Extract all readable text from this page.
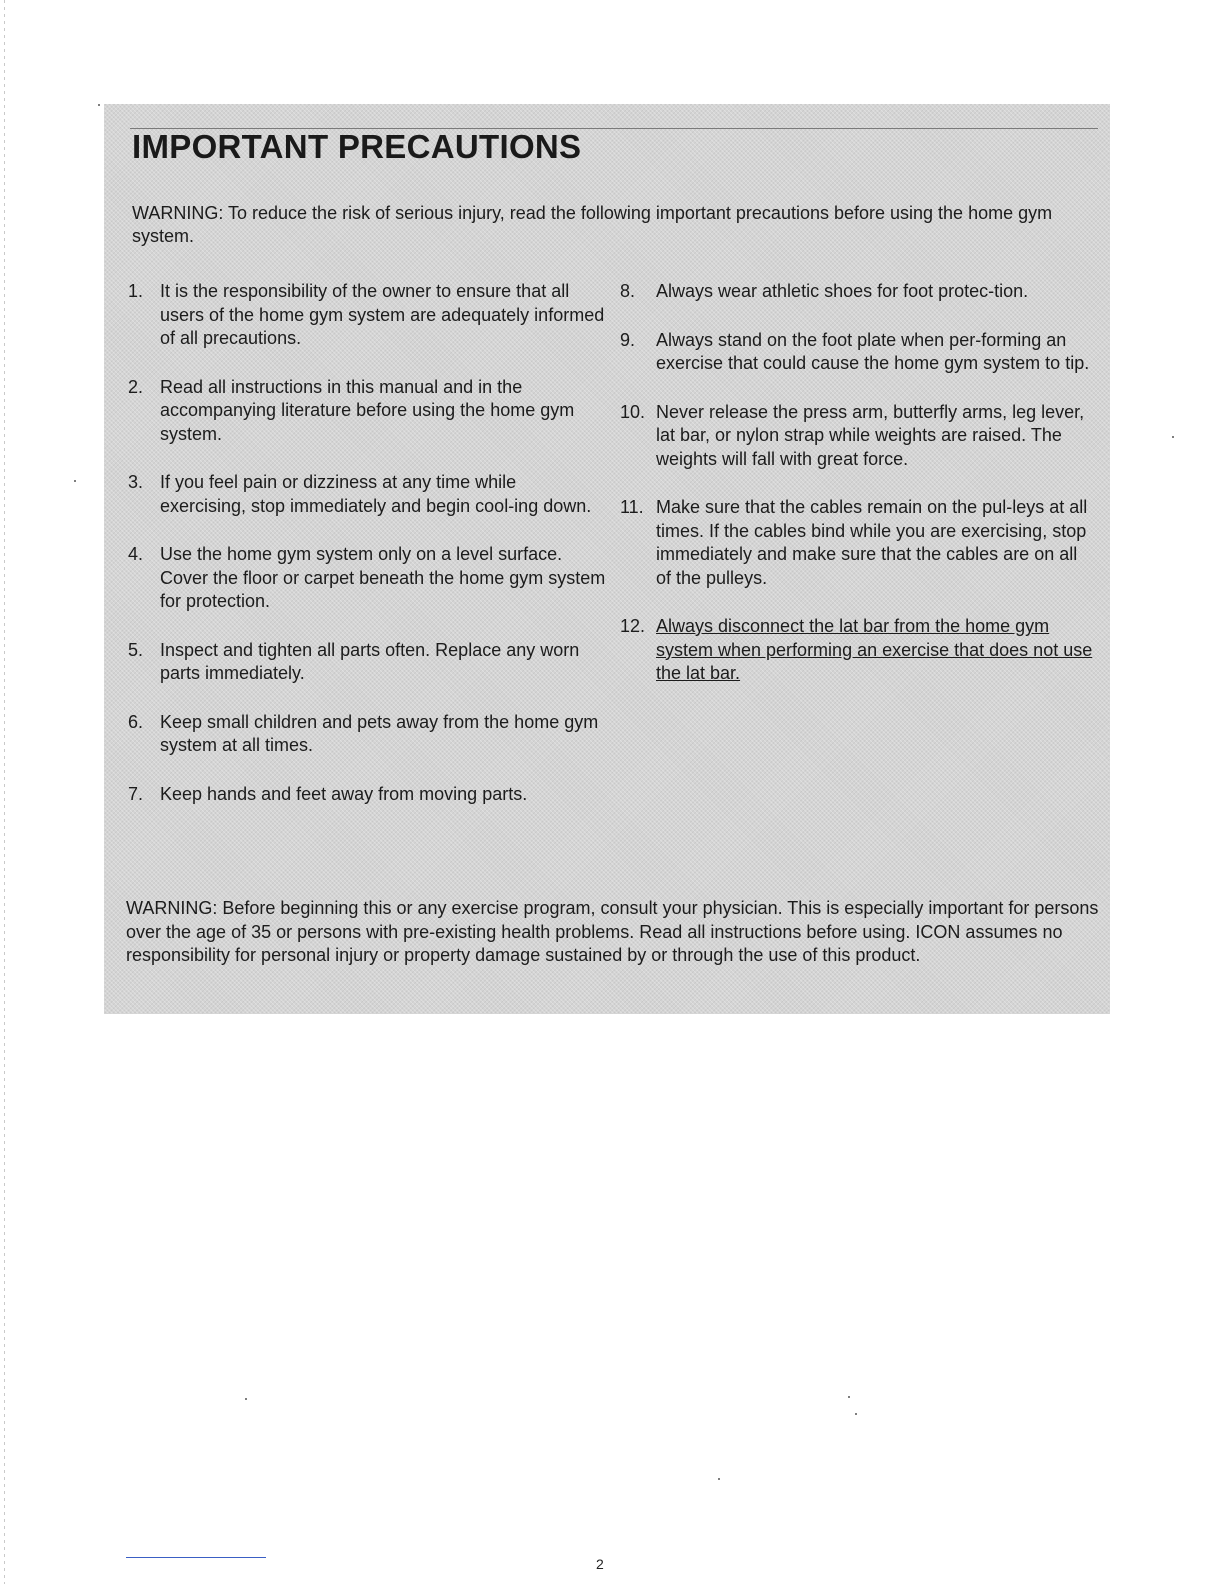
IMPORTANT PRECAUTIONS

WARNING: To reduce the risk of serious injury, read the following important precautions before using the home gym system.

1. It is the responsibility of the owner to ensure that all users of the home gym system are adequately informed of all precautions.
2. Read all instructions in this manual and in the accompanying literature before using the home gym system.
3. If you feel pain or dizziness at any time while exercising, stop immediately and begin cool-ing down.
4. Use the home gym system only on a level surface. Cover the floor or carpet beneath the home gym system for protection.
5. Inspect and tighten all parts often. Replace any worn parts immediately.
6. Keep small children and pets away from the home gym system at all times.
7. Keep hands and feet away from moving parts.
8.	Always wear athletic shoes for foot protec-tion.
9.	Always stand on the foot plate when per-forming an exercise that could cause the home gym system to tip.
10. Never release the press arm, butterfly arms, leg lever, lat bar, or nylon strap while weights are raised. The weights will fall with great force.
11. Make sure that the cables remain on the pul-leys at all times. If the cables bind while you are exercising, stop immediately and make sure that the cables are on all of the pulleys.
12. Always disconnect the lat bar from the home gym system when performing an exercise that does not use the lat bar.

WARNING: Before beginning this or any exercise program, consult your physician. This is especially important for persons over the age of 35 or persons with pre-existing health problems. Read all instructions before using. ICON assumes no responsibility for personal injury or property damage sustained by or through the use of this product.

2
